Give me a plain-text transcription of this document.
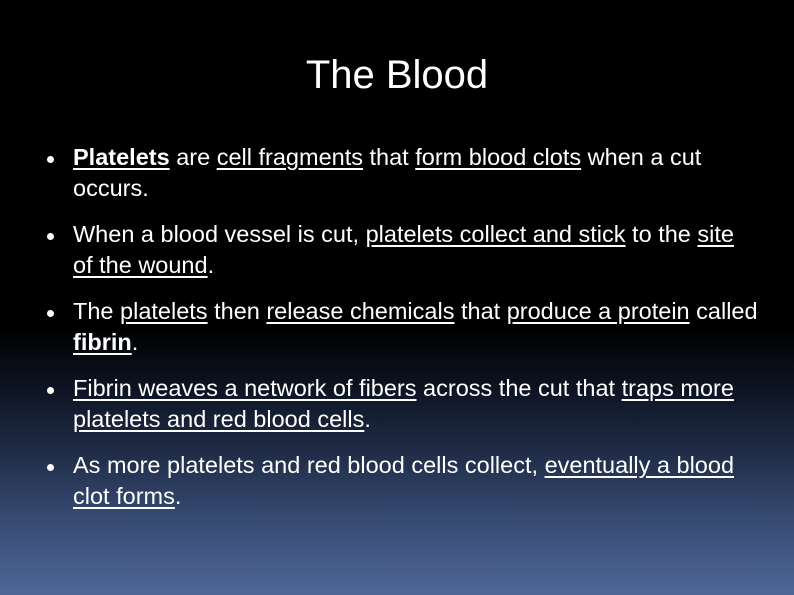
The Blood
Platelets are cell fragments that form blood clots when a cut occurs.
When a blood vessel is cut, platelets collect and stick to the site of the wound.
The platelets then release chemicals that produce a protein called fibrin.
Fibrin weaves a network of fibers across the cut that traps more platelets and red blood cells.
As more platelets and red blood cells collect, eventually a blood clot forms.
